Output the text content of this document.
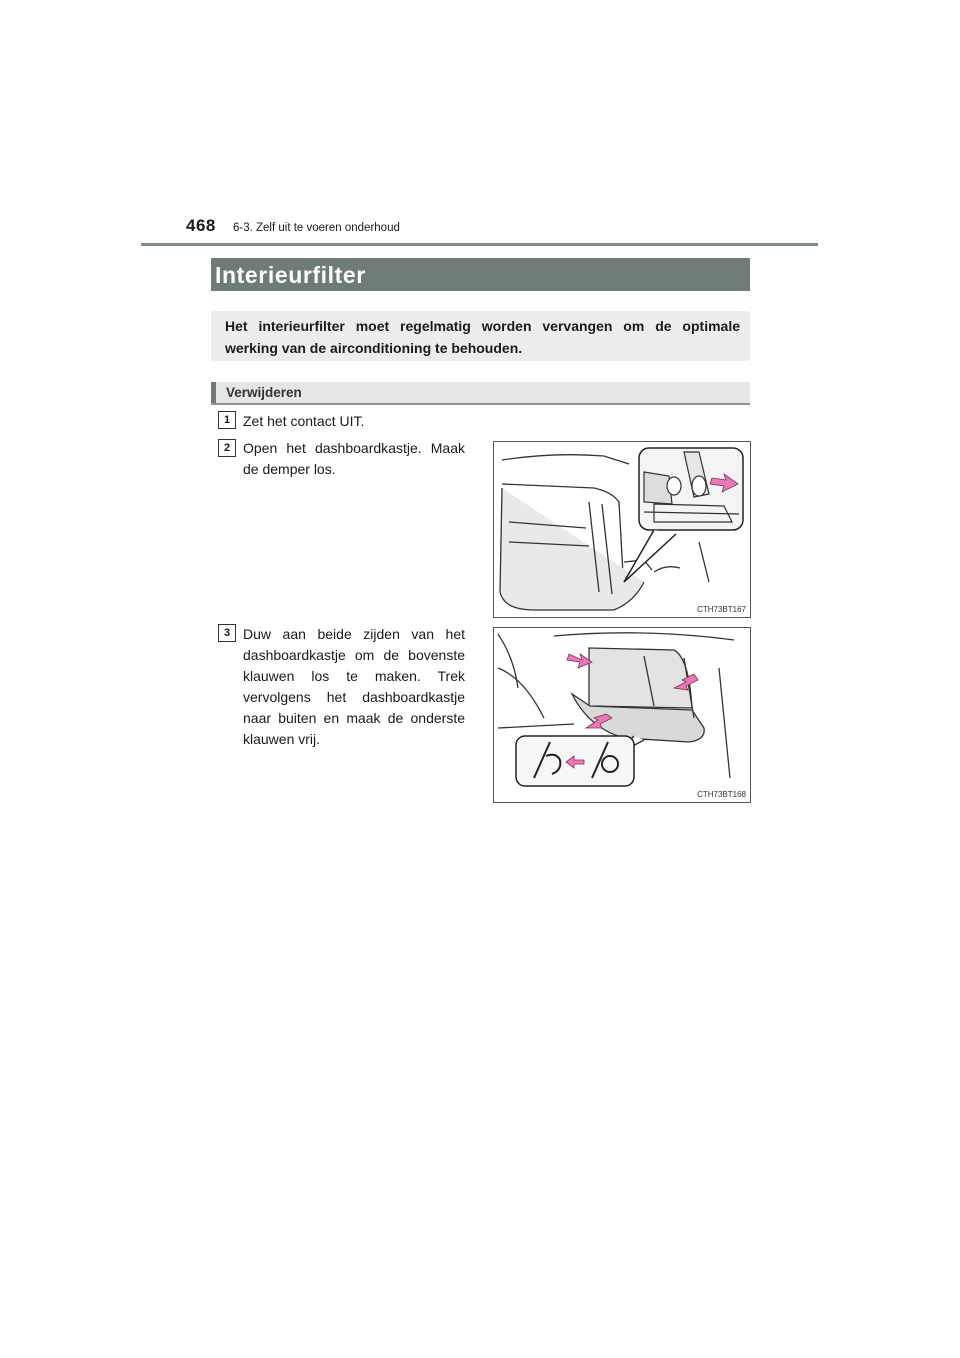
468 6-3. Zelf uit te voeren onderhoud
Interieurfilter

Het interieurfilter moet regelmatig worden vervangen om de optimale werking van de airconditioning te behouden.

Verwijderen
1 Zet het contact UIT.
2 Open het dashboardkastje. Maak de demper los.
3 Duw aan beide zijden van het dashboardkastje om de bovenste klauwen los te maken. Trek vervolgens het dashboardkastje naar buiten en maak de onderste klauwen vrij.
CTH73BT167
CTH73BT168
